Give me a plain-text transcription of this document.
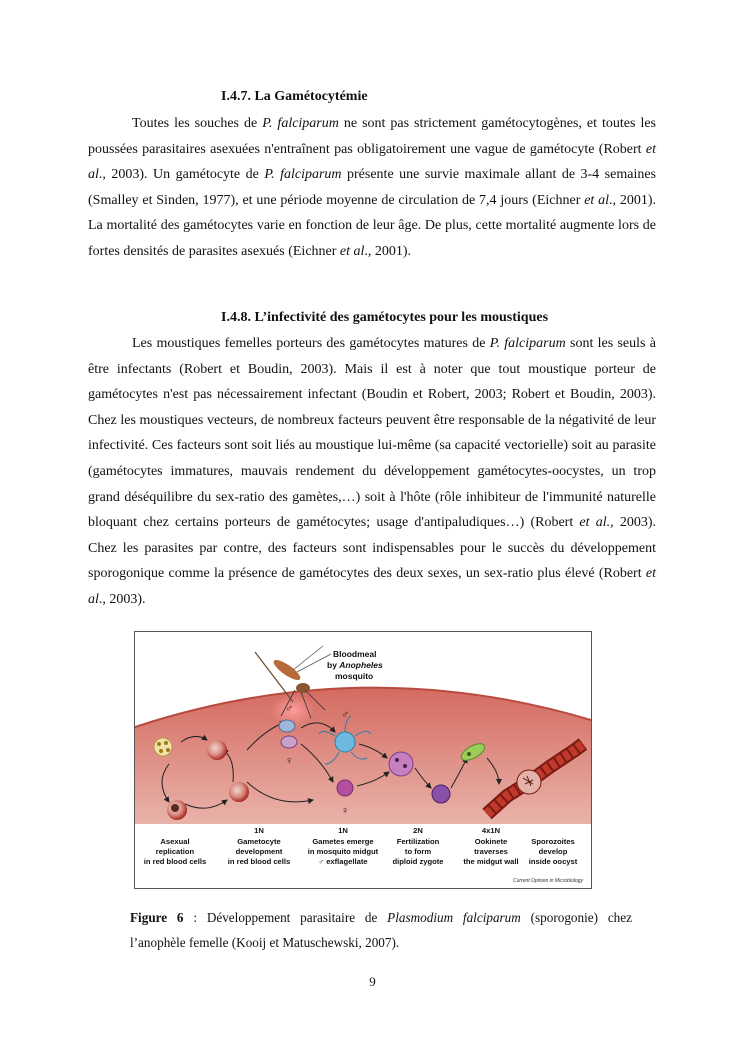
I.4.7. La Gamétocytémie

Toutes les souches de P. falciparum ne sont pas strictement gamétocytogènes, et toutes les poussées parasitaires asexuées n'entraînent pas obligatoirement une vague de gamétocyte (Robert et al., 2003). Un gamétocyte de P. falciparum présente une survie maximale allant de 3-4 semaines (Smalley et Sinden, 1977), et une période moyenne de circulation de 7,4 jours (Eichner et al., 2001). La mortalité des gamétocytes varie en fonction de leur âge. De plus, cette mortalité augmente lors de fortes densités de parasites asexués (Eichner et al., 2001).

I.4.8. L’infectivité des gamétocytes pour les moustiques

Les moustiques femelles porteurs des gamétocytes matures de P. falciparum sont les seuls à être infectants (Robert et Boudin, 2003). Mais il est à noter que tout moustique porteur de gamétocytes n'est pas nécessairement infectant (Boudin et Robert, 2003; Robert et Boudin, 2003). Chez les moustiques vecteurs, de nombreux facteurs peuvent être responsable de la négativité de leur infectivité. Ces facteurs sont soit liés au moustique lui-même (sa capacité vectorielle) soit au parasite (gamétocytes immatures, mauvais rendement du développement gamétocytes-oocystes, un trop grand déséquilibre du sex-ratio des gamètes,…) soit à l'hôte (rôle inhibiteur de l'immunité naturelle bloquant chez certains porteurs de gamétocytes; usage d'antipaludiques…) (Robert et al., 2003). Chez les parasites par contre, des facteurs sont indispensables pour le succès du développement sporogonique comme la présence de gamétocytes des deux sexes, un sex-ratio plus élevé (Robert et al., 2003).

Bloodmeal
by Anopheles
mosquito
♂
♀
♂
♀
Asexual
replication
in red blood cells
1N
Gametocyte
development
in red blood cells
1N
Gametes emerge
in mosquito midgut
♂ exflagellate
2N
Fertilization
to form
diploid zygote
4x1N
Ookinete
traverses
the midgut wall
Sporozoites
develop
inside oocyst
Current Opinion in Microbiology

Figure 6 : Développement parasitaire de Plasmodium falciparum (sporogonie) chez l’anophèle femelle (Kooij et Matuschewski, 2007).

9
